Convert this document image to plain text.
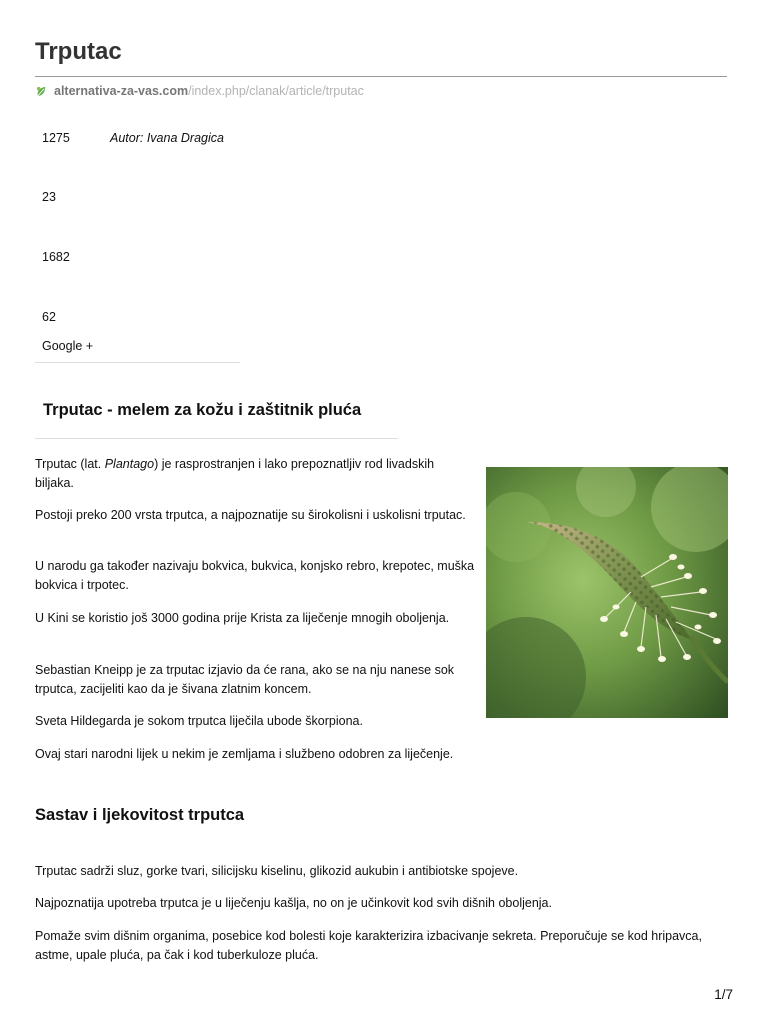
Trputac
alternativa-za-vas.com /index.php/clanak/article/trputac
1275	Autor: Ivana Dragica
23
1682
62
Google +
Trputac - melem za kožu i zaštitnik pluća

Trputac (lat. Plantago) je rasprostranjen i lako prepoznatljiv rod livadskih biljaka.

Postoji preko 200 vrsta trputca, a najpoznatije su širokolisni i uskolisni trputac.

U narodu ga također nazivaju bokvica, bukvica, konjsko rebro, krepotec, muška bokvica i trpotec.

U Kini se koristio još 3000 godina prije Krista za liječenje mnogih oboljenja.

Sebastian Kneipp je za trputac izjavio da će rana, ako se na nju nanese sok trputca, zacijeliti kao da je šivana zlatnim koncem.

Sveta Hildegarda je sokom trputca liječila ubode škorpiona.

Ovaj stari narodni lijek u nekim je zemljama i službeno odobren za liječenje.

Sastav i ljekovitost trputca

Trputac sadrži sluz, gorke tvari, silicijsku kiselinu, glikozid aukubin i antibiotske spojeve.

Najpoznatija upotreba trputca je u liječenju kašlja, no on je učinkovit kod svih dišnih oboljenja.

Pomaže svim dišnim organima, posebice kod bolesti koje karakterizira izbacivanje sekreta. Preporučuje se kod hripavca, astme, upale pluća, pa čak i kod tuberkuloze pluća.

1/7
